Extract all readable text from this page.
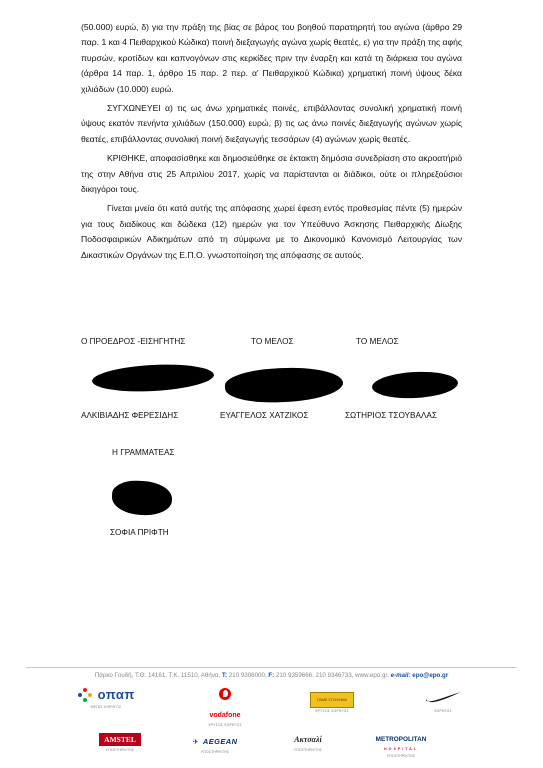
(50.000) ευρώ, δ) για την πράξη της βίας σε βάρος του βοηθού παρατηρητή του αγώνα (άρθρο 29 παρ. 1 και 4 Πειθαρχικού Κώδικα) ποινή διεξαγωγής αγώνα χωρίς θεατές, ε) για την πράξη της αφής πυρσών, κροτίδων και καπνογόνων στις κερκίδες πριν την έναρξη και κατά τη διάρκεια του αγώνα (άρθρα 14 παρ. 1, άρθρο 15 παρ. 2 περ. α' Πειθαρχικού Κώδικα) χρηματική ποινή ύψους δέκα χιλιάδων (10.000) ευρώ.

ΣΥΓΧΩΝΕΥΕΙ α) τις ως άνω χρηματικές ποινές, επιβάλλοντας συνολική χρηματική ποινή ύψους εκατόν πενήντα χιλιάδων (150.000) ευρώ, β) τις ως άνω ποινές διεξαγωγής αγώνων χωρίς θεατές, επιβάλλοντας συνολική ποινή διεξαγωγής τεσσάρων (4) αγώνων χωρίς θεατές.

ΚΡΙΘΗΚΕ, αποφασίσθηκε και δημοσιεύθηκε σε έκτακτη δημόσια συνεδρίαση στο ακροατήριό της στην Αθήνα στις 25 Απριλίου 2017, χωρίς να παρίστανται οι διάδικοι, ούτε οι πληρεξούσιοι δικηγόροι τους.

Γίνεται μνεία ότι κατά αυτής της απόφασης χωρεί έφεση εντός προθεσμίας πέντε (5) ημερών για τους διαδίκους και δώδεκα (12) ημερών για τον Υπεύθυνο Άσκησης Πειθαρχικής Δίωξης Ποδοσφαιρικών Αδικημάτων από τη σύμφωνα με το Δικονομικό Κανονισμό Λειτουργίας των Δικαστικών Οργάνων της Ε.Π.Ο. γνωστοποίηση της απόφασης σε αυτούς.

Ο ΠΡΟΕΔΡΟΣ -ΕΙΣΗΓΗΤΗΣ	ΤΟ ΜΕΛΟΣ	ΤΟ ΜΕΛΟΣ
ΑΛΚΙΒΙΑΔΗΣ ΦΕΡΕΣΙΔΗΣ	ΕΥΑΓΓΕΛΟΣ ΧΑΤΖΙΚΟΣ	ΣΩΤΗΡΙΟΣ ΤΣΟΥΒΑΛΑΣ
Η ΓΡΑΜΜΑΤΕΑΣ
ΣΟΦΙΑ ΠΡΙΦΤΗ
Πάρκο Γουδή, Τ.Θ. 14161, Τ.Κ. 11510, Αθήνα, Τ: 210 9306000, F: 210 9359666, 210 9346733, www.epo.gr, e-mail: epo@epo.gr
οπαπ
ΜΕΓΑΣ ΧΟΡΗΓΟΣ

vodafone
ΧΡΥΣΟΣ ΧΟΡΗΓΟΣ
ΠΑΜΕ ΣΤΟΙΧΗΜΑ
ΧΡΥΣΟΣ ΧΟΡΗΓΟΣ	ΧΟΡΗΓΟΣ
AMSTEL
ΥΠΟΣΤΗΡΙΚΤΗΣ
✈ AEGEAN
ΥΠΟΣΤΗΡΙΚΤΗΣ
Ακτσαλί
ΥΠΟΣΤΗΡΙΚΤΗΣ
METROPOLITAN
HOSPITAL
ΥΠΟΣΤΗΡΙΚΤΗΣ
